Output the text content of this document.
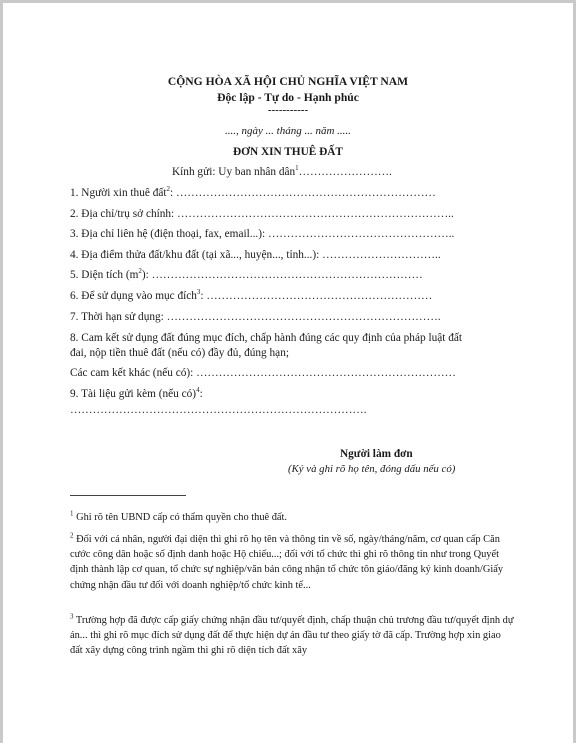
CỘNG HÒA XÃ HỘI CHỦ NGHĨA VIỆT NAM
Độc lập - Tự do - Hạnh phúc
-----------
...., ngày ... tháng ... năm .....
ĐƠN XIN THUÊ ĐẤT
Kính gửi: Uy ban nhân dân$^1$…………………….
1. Người xin thuê đất$^2$: ……………………………………………………………
2. Địa chỉ/trụ sở chính: ………………………………………………………………..
3. Địa chỉ liên hệ (điện thoại, fax, email...): …………………………………………..
4. Địa điểm thửa đất/khu đất (tại xã..., huyện..., tỉnh...): …………………………..
5. Diện tích $(m^2)$: ………………………………………………………………
6. Để sử dụng vào mục đích$^3$: ……………………………………………………
7. Thời hạn sử dụng: ……………………………………………………………….
8. Cam kết sử dụng đất đúng mục đích, chấp hành đúng các quy định của pháp luật đất
đai, nộp tiền thuê đất (nếu có) đầy đủ, đúng hạn;
Các cam kết khác (nếu có): ……………………………………………………………
9. Tài liệu gửi kèm (nếu có)$^4$:
…………………………………………………………………….
Người làm đơn
(Ký và ghi rõ họ tên, đóng dấu nếu có)
$^1$ Ghi rõ tên UBND cấp có thẩm quyền cho thuê đất.
$^2$ Đối với cá nhân, người đại diện thì ghi rõ họ tên và thông tin về số, ngày/tháng/năm, cơ quan cấp Căn cước công dân hoặc số định danh hoặc Hộ chiếu...; đối với tổ chức thì ghi rõ thông tin như trong Quyết định thành lập cơ quan, tổ chức sự nghiệp/văn bản công nhận tổ chức tôn giáo/đăng ký kinh doanh/Giấy chứng nhận đầu tư đối với doanh nghiệp/tổ chức kinh tế...
$^3$ Trường hợp đã được cấp giấy chứng nhận đầu tư/quyết định, chấp thuận chủ trương đầu tư/quyết định dự án... thì ghi rõ mục đích sử dụng đất để thực hiện dự án đầu tư theo giấy tờ đã cấp. Trường hợp xin giao đất xây dựng công trình ngầm thì ghi rõ diện tích đất xây
